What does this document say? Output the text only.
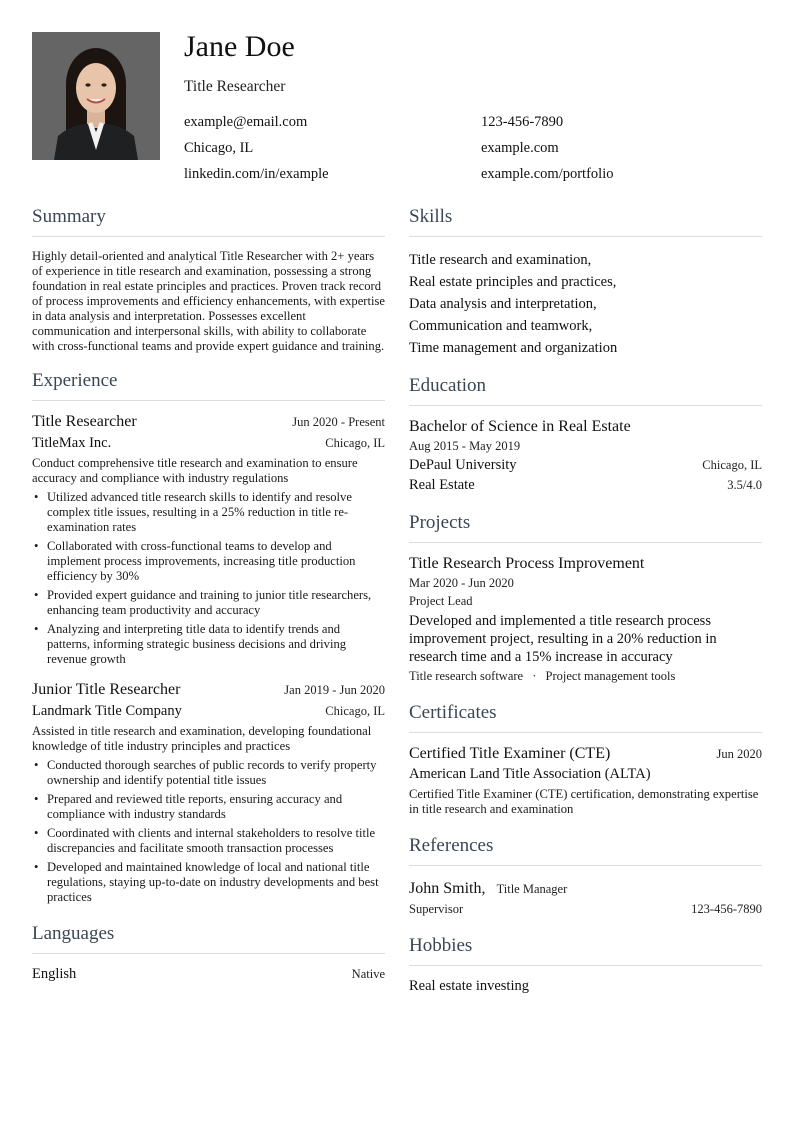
Jane Doe
Title Researcher
example@email.com	123-456-7890
Chicago, IL	example.com
linkedin.com/in/example	example.com/portfolio
Summary
Highly detail-oriented and analytical Title Researcher with 2+ years of experience in title research and examination, possessing a strong foundation in real estate principles and practices. Proven track record of process improvements and efficiency enhancements, with expertise in data analysis and interpretation. Possesses excellent communication and interpersonal skills, with ability to collaborate with cross-functional teams and provide expert guidance and training.
Experience
Title Researcher	Jun 2020 - Present
TitleMax Inc.	Chicago, IL
Conduct comprehensive title research and examination to ensure accuracy and compliance with industry regulations
• Utilized advanced title research skills to identify and resolve complex title issues, resulting in a 25% reduction in title re-examination rates
• Collaborated with cross-functional teams to develop and implement process improvements, increasing title production efficiency by 30%
• Provided expert guidance and training to junior title researchers, enhancing team productivity and accuracy
• Analyzing and interpreting title data to identify trends and patterns, informing strategic business decisions and driving revenue growth
Junior Title Researcher	Jan 2019 - Jun 2020
Landmark Title Company	Chicago, IL
Assisted in title research and examination, developing foundational knowledge of title industry principles and practices
• Conducted thorough searches of public records to verify property ownership and identify potential title issues
• Prepared and reviewed title reports, ensuring accuracy and compliance with industry standards
• Coordinated with clients and internal stakeholders to resolve title discrepancies and facilitate smooth transaction processes
• Developed and maintained knowledge of local and national title regulations, staying up-to-date on industry developments and best practices
Languages
English	Native
Skills
Title research and examination,
Real estate principles and practices,
Data analysis and interpretation,
Communication and teamwork,
Time management and organization
Education
Bachelor of Science in Real Estate
Aug 2015 - May 2019
DePaul University	Chicago, IL
Real Estate	3.5/4.0
Projects
Title Research Process Improvement
Mar 2020 - Jun 2020
Project Lead
Developed and implemented a title research process improvement project, resulting in a 20% reduction in research time and a 15% increase in accuracy
Title research software · Project management tools
Certificates
Certified Title Examiner (CTE)	Jun 2020
American Land Title Association (ALTA)
Certified Title Examiner (CTE) certification, demonstrating expertise in title research and examination
References
John Smith, Title Manager
Supervisor	123-456-7890
Hobbies
Real estate investing
